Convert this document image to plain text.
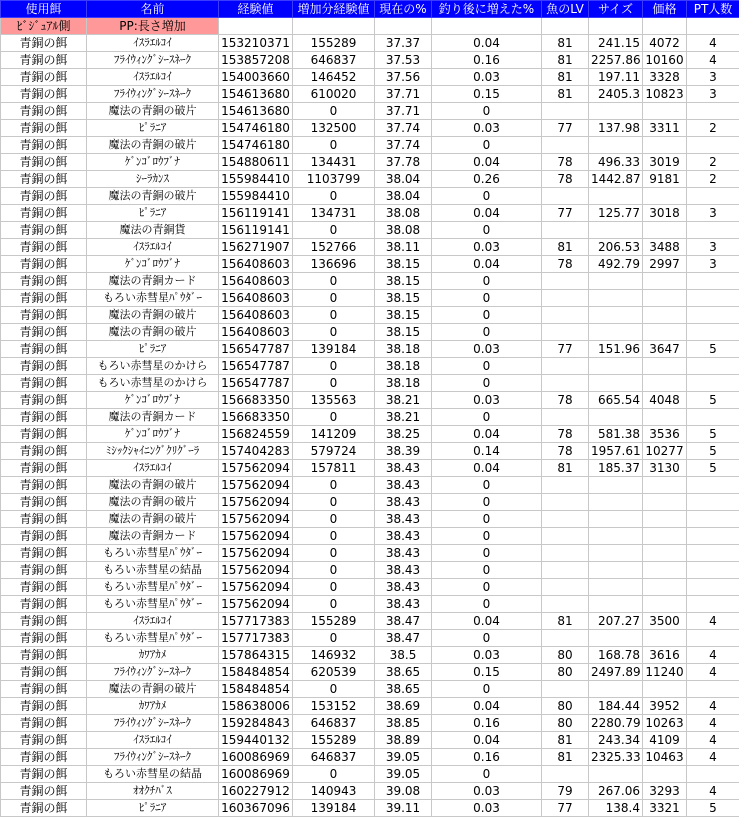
使用餌	名前	経験値	増加分経験値	現在の%	釣り後に増えた%	魚のLV	サイズ	価格	PT人数
ﾋﾞｼﾞｭｱﾙ側	PP:長さ増加								
青銅の餌	ｲｽﾗｴﾙｺｲ	153210371	155289	37.37	0.04	81	241.15	4072	4
青銅の餌	ﾌﾗｲｳｨﾝｸﾞｼｰｽﾈｰｸ	153857208	646837	37.53	0.16	81	2257.86	10160	4
青銅の餌	ｲｽﾗｴﾙｺｲ	154003660	146452	37.56	0.03	81	197.11	3328	3
青銅の餌	ﾌﾗｲｳｨﾝｸﾞｼｰｽﾈｰｸ	154613680	610020	37.71	0.15	81	2405.3	10823	3
青銅の餌	魔法の青銅の破片	154613680	0	37.71	0				
青銅の餌	ﾋﾟﾗﾆｱ	154746180	132500	37.74	0.03	77	137.98	3311	2
青銅の餌	魔法の青銅の破片	154746180	0	37.74	0				
青銅の餌	ｹﾞﾝｺﾞﾛｳﾌﾞﾅ	154880611	134431	37.78	0.04	78	496.33	3019	2
青銅の餌	ｼｰﾗｶﾝｽ	155984410	1103799	38.04	0.26	78	1442.87	9181	2
青銅の餌	魔法の青銅の破片	155984410	0	38.04	0				
青銅の餌	ﾋﾟﾗﾆｱ	156119141	134731	38.08	0.04	77	125.77	3018	3
青銅の餌	魔法の青銅貨	156119141	0	38.08	0				
青銅の餌	ｲｽﾗｴﾙｺｲ	156271907	152766	38.11	0.03	81	206.53	3488	3
青銅の餌	ｹﾞﾝｺﾞﾛｳﾌﾞﾅ	156408603	136696	38.15	0.04	78	492.79	2997	3
青銅の餌	魔法の青銅カード	156408603	0	38.15	0				
青銅の餌	もろい赤彗星ﾊﾟｳﾀﾞｰ	156408603	0	38.15	0				
青銅の餌	魔法の青銅の破片	156408603	0	38.15	0				
青銅の餌	魔法の青銅の破片	156408603	0	38.15	0				
青銅の餌	ﾋﾟﾗﾆｱ	156547787	139184	38.18	0.03	77	151.96	3647	5
青銅の餌	もろい赤彗星のかけら	156547787	0	38.18	0				
青銅の餌	もろい赤彗星のかけら	156547787	0	38.18	0				
青銅の餌	ｹﾞﾝｺﾞﾛｳﾌﾞﾅ	156683350	135563	38.21	0.03	78	665.54	4048	5
青銅の餌	魔法の青銅カード	156683350	0	38.21	0				
青銅の餌	ｹﾞﾝｺﾞﾛｳﾌﾞﾅ	156824559	141209	38.25	0.04	78	581.38	3536	5
青銅の餌	ﾐｼｯｸｼｬｲﾆﾝｸﾞｸﾘｸﾞｰﾗ	157404283	579724	38.39	0.14	78	1957.61	10277	5
青銅の餌	ｲｽﾗｴﾙｺｲ	157562094	157811	38.43	0.04	81	185.37	3130	5
青銅の餌	魔法の青銅の破片	157562094	0	38.43	0				
青銅の餌	魔法の青銅の破片	157562094	0	38.43	0				
青銅の餌	魔法の青銅の破片	157562094	0	38.43	0				
青銅の餌	魔法の青銅カード	157562094	0	38.43	0				
青銅の餌	もろい赤彗星ﾊﾟｳﾀﾞｰ	157562094	0	38.43	0				
青銅の餌	もろい赤彗星の結晶	157562094	0	38.43	0				
青銅の餌	もろい赤彗星ﾊﾟｳﾀﾞｰ	157562094	0	38.43	0				
青銅の餌	もろい赤彗星ﾊﾟｳﾀﾞｰ	157562094	0	38.43	0				
青銅の餌	ｲｽﾗｴﾙｺｲ	157717383	155289	38.47	0.04	81	207.27	3500	4
青銅の餌	もろい赤彗星ﾊﾟｳﾀﾞｰ	157717383	0	38.47	0				
青銅の餌	ｶﾜｱｶﾒ	157864315	146932	38.5	0.03	80	168.78	3616	4
青銅の餌	ﾌﾗｲｳｨﾝｸﾞｼｰｽﾈｰｸ	158484854	620539	38.65	0.15	80	2497.89	11240	4
青銅の餌	魔法の青銅の破片	158484854	0	38.65	0				
青銅の餌	ｶﾜｱｶﾒ	158638006	153152	38.69	0.04	80	184.44	3952	4
青銅の餌	ﾌﾗｲｳｨﾝｸﾞｼｰｽﾈｰｸ	159284843	646837	38.85	0.16	80	2280.79	10263	4
青銅の餌	ｲｽﾗｴﾙｺｲ	159440132	155289	38.89	0.04	81	243.34	4109	4
青銅の餌	ﾌﾗｲｳｨﾝｸﾞｼｰｽﾈｰｸ	160086969	646837	39.05	0.16	81	2325.33	10463	4
青銅の餌	もろい赤彗星の結晶	160086969	0	39.05	0				
青銅の餌	ｵｵｸﾁﾊﾞｽ	160227912	140943	39.08	0.03	79	267.06	3293	4
青銅の餌	ﾋﾟﾗﾆｱ	160367096	139184	39.11	0.03	77	138.4	3321	5
